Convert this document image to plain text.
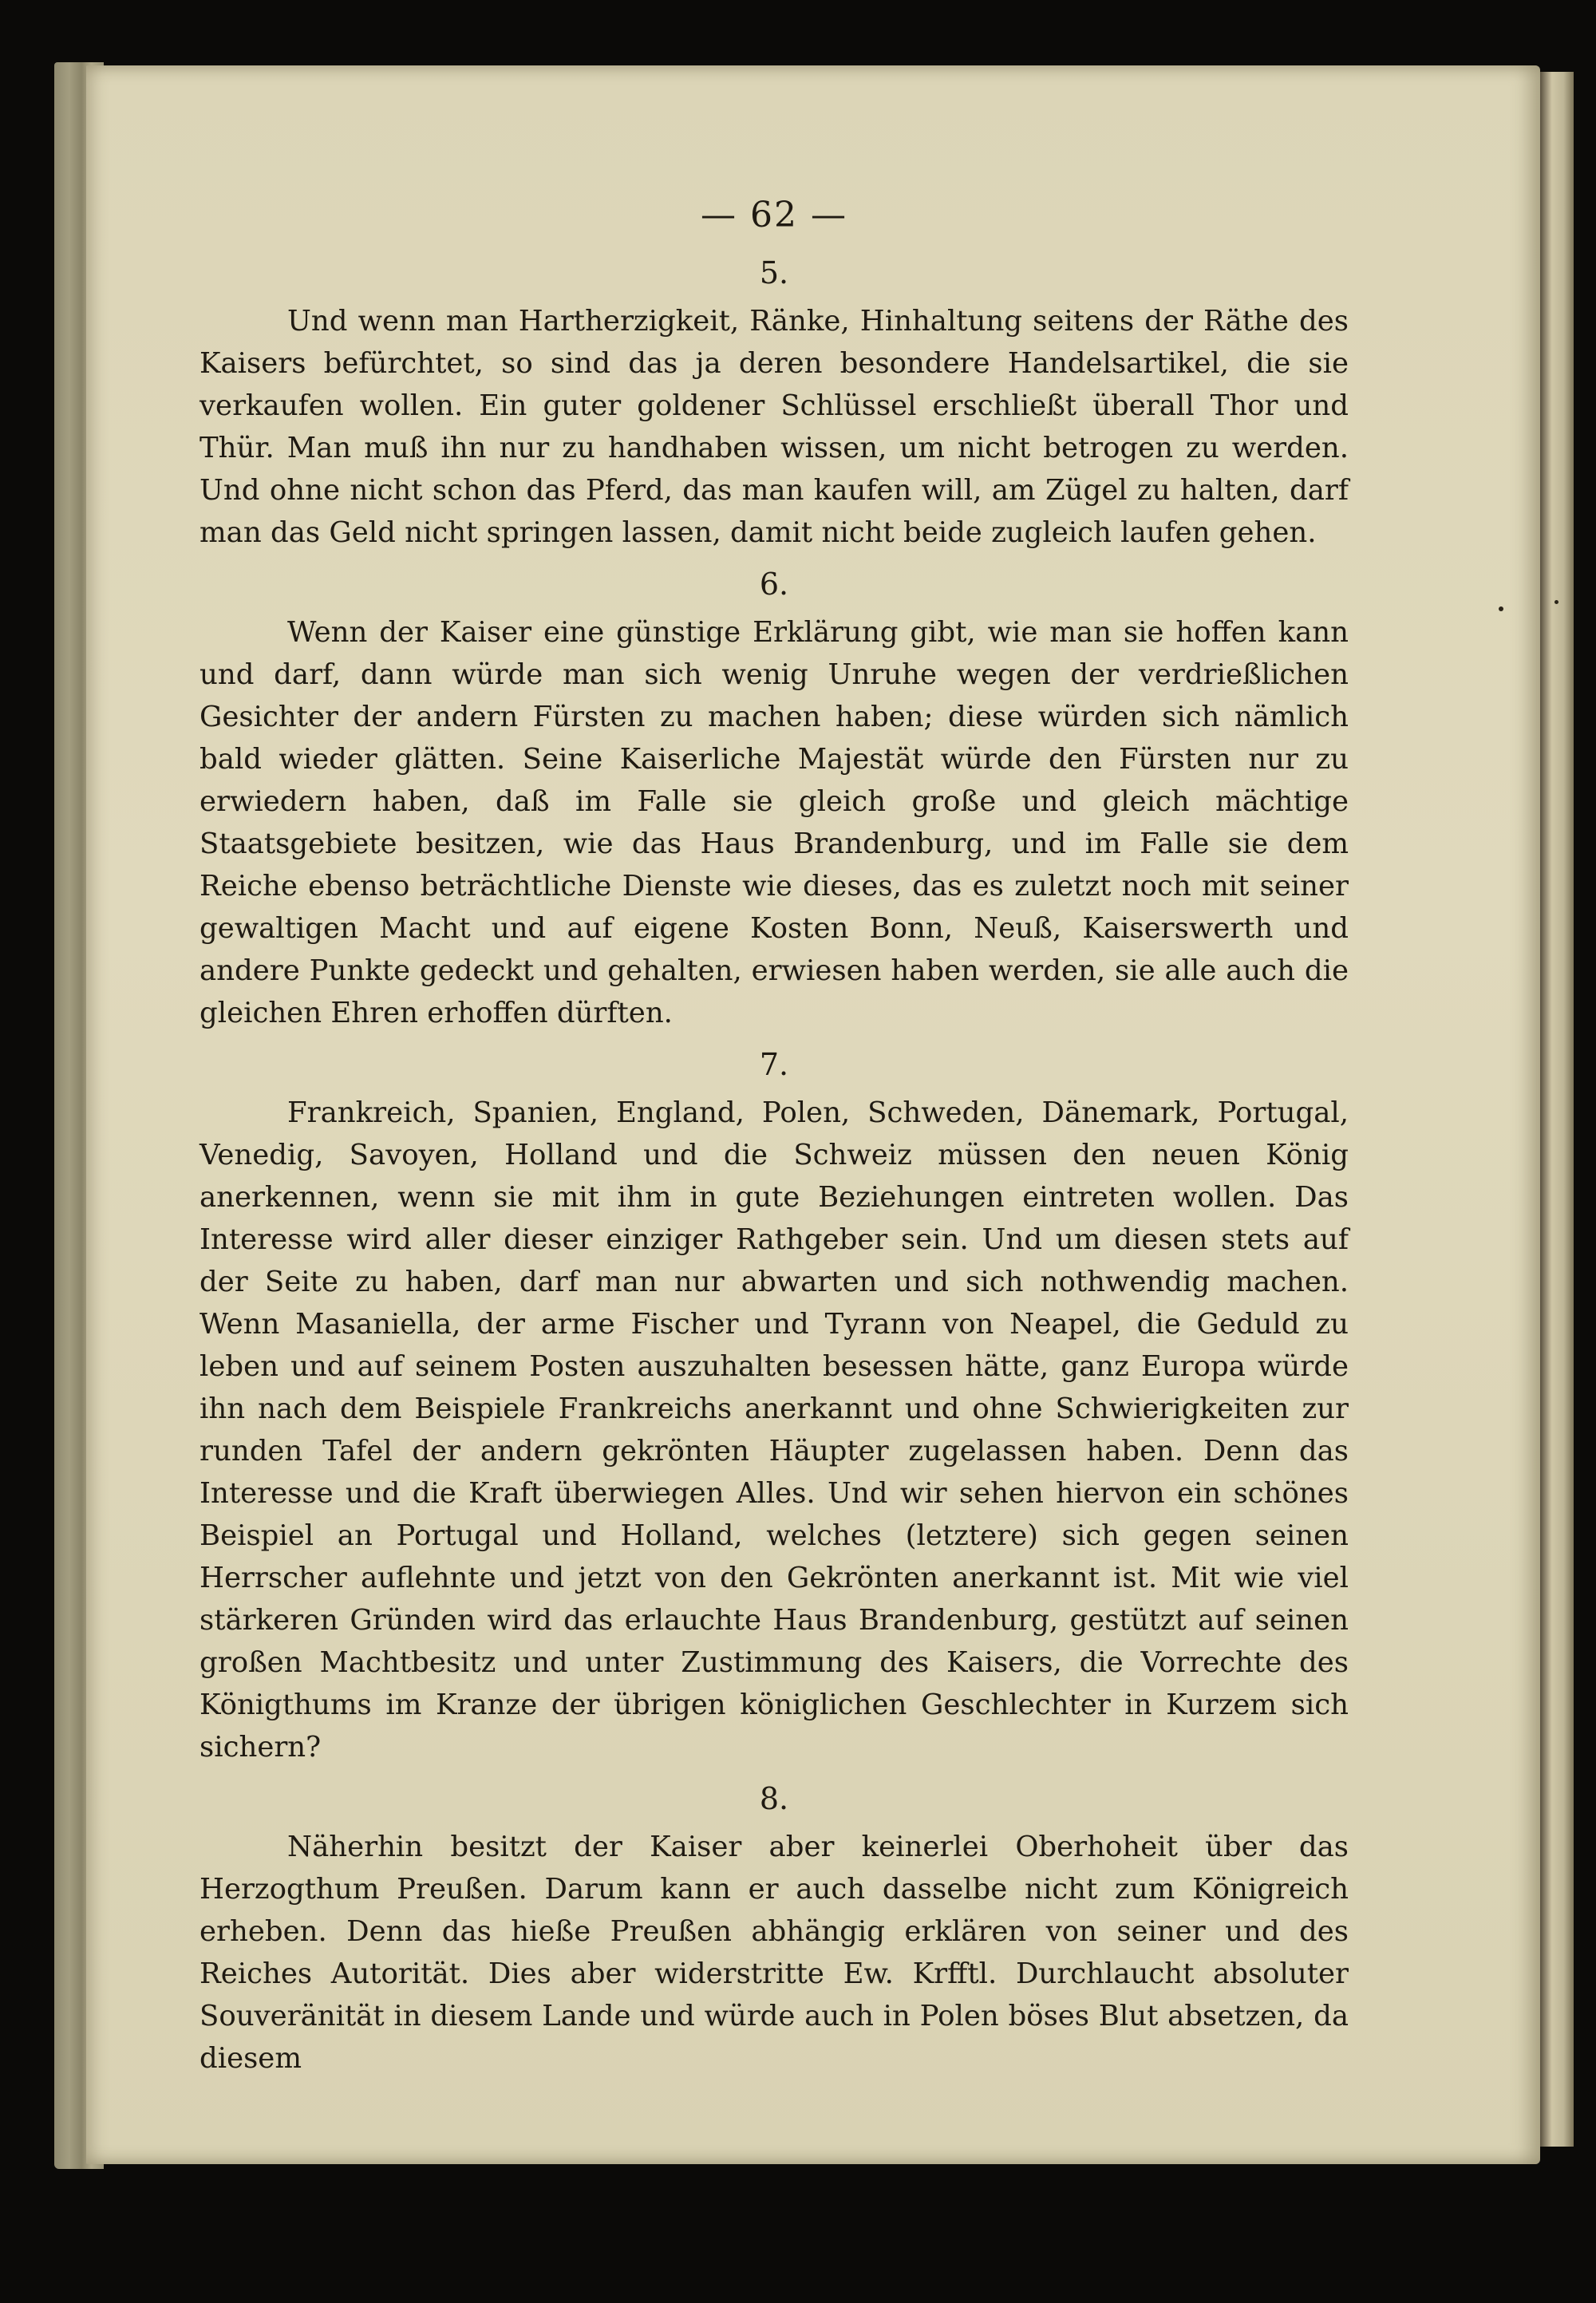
— 62 —
5.

Und wenn man Hartherzigkeit, Ränke, Hinhaltung seitens der Räthe des Kaisers befürchtet, so sind das ja deren besondere Handelsartikel, die sie verkaufen wollen. Ein guter goldener Schlüssel erschließt überall Thor und Thür. Man muß ihn nur zu handhaben wissen, um nicht betrogen zu werden. Und ohne nicht schon das Pferd, das man kaufen will, am Zügel zu halten, darf man das Geld nicht springen lassen, damit nicht beide zugleich laufen gehen.

6.

Wenn der Kaiser eine günstige Erklärung gibt, wie man sie hoffen kann und darf, dann würde man sich wenig Unruhe wegen der verdrießlichen Gesichter der andern Fürsten zu machen haben; diese würden sich nämlich bald wieder glätten. Seine Kaiserliche Majestät würde den Fürsten nur zu erwiedern haben, daß im Falle sie gleich große und gleich mächtige Staatsgebiete besitzen, wie das Haus Brandenburg, und im Falle sie dem Reiche ebenso beträchtliche Dienste wie dieses, das es zuletzt noch mit seiner gewaltigen Macht und auf eigene Kosten Bonn, Neuß, Kaiserswerth und andere Punkte gedeckt und gehalten, erwiesen haben werden, sie alle auch die gleichen Ehren erhoffen dürften.

7.

Frankreich, Spanien, England, Polen, Schweden, Dänemark, Portugal, Venedig, Savoyen, Holland und die Schweiz müssen den neuen König anerkennen, wenn sie mit ihm in gute Beziehungen eintreten wollen. Das Interesse wird aller dieser einziger Rathgeber sein. Und um diesen stets auf der Seite zu haben, darf man nur abwarten und sich nothwendig machen. Wenn Masaniella, der arme Fischer und Tyrann von Neapel, die Geduld zu leben und auf seinem Posten auszuhalten besessen hätte, ganz Europa würde ihn nach dem Beispiele Frankreichs anerkannt und ohne Schwierigkeiten zur runden Tafel der andern gekrönten Häupter zugelassen haben. Denn das Interesse und die Kraft überwiegen Alles. Und wir sehen hiervon ein schönes Beispiel an Portugal und Holland, welches (letztere) sich gegen seinen Herrscher auflehnte und jetzt von den Gekrönten anerkannt ist. Mit wie viel stärkeren Gründen wird das erlauchte Haus Brandenburg, gestützt auf seinen großen Machtbesitz und unter Zustimmung des Kaisers, die Vorrechte des Königthums im Kranze der übrigen königlichen Geschlechter in Kurzem sich sichern?

8.

Näherhin besitzt der Kaiser aber keinerlei Oberhoheit über das Herzogthum Preußen. Darum kann er auch dasselbe nicht zum Königreich erheben. Denn das hieße Preußen abhängig erklären von seiner und des Reiches Autorität. Dies aber widerstritte Ew. Krfftl. Durchlaucht absoluter Souveränität in diesem Lande und würde auch in Polen böses Blut absetzen, da diesem
